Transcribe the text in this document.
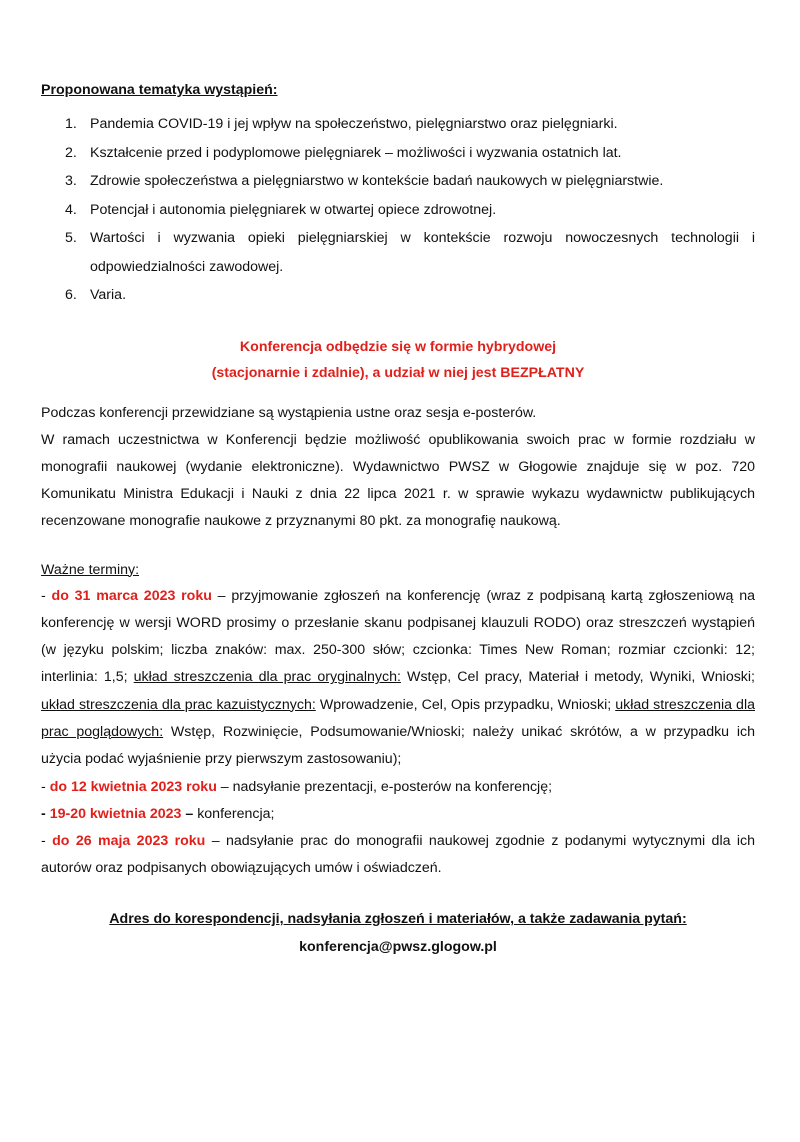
Proponowana tematyka wystąpień:
1. Pandemia COVID-19 i jej wpływ na społeczeństwo, pielęgniarstwo oraz pielęgniarki.
2. Kształcenie przed i podyplomowe pielęgniarek – możliwości i wyzwania ostatnich lat.
3. Zdrowie społeczeństwa a pielęgniarstwo w kontekście badań naukowych w pielęgniarstwie.
4. Potencjał i autonomia pielęgniarek w otwartej opiece zdrowotnej.
5. Wartości i wyzwania opieki pielęgniarskiej w kontekście rozwoju nowoczesnych technologii i odpowiedzialności zawodowej.
6. Varia.
Konferencja odbędzie się w formie hybrydowej
(stacjonarnie i zdalnie), a udział w niej jest BEZPŁATNY
Podczas konferencji przewidziane są wystąpienia ustne oraz sesja e-posterów.
W ramach uczestnictwa w Konferencji będzie możliwość opublikowania swoich prac w formie rozdziału w monografii naukowej (wydanie elektroniczne). Wydawnictwo PWSZ w Głogowie znajduje się w poz. 720 Komunikatu Ministra Edukacji i Nauki z dnia 22 lipca 2021 r. w sprawie wykazu wydawnictw publikujących recenzowane monografie naukowe z przyznanymi 80 pkt. za monografię naukową.
Ważne terminy:
- do 31 marca 2023 roku – przyjmowanie zgłoszeń na konferencję (wraz z podpisaną kartą zgłoszeniową na konferencję w wersji WORD prosimy o przesłanie skanu podpisanej klauzuli RODO) oraz streszczeń wystąpień (w języku polskim; liczba znaków: max. 250-300 słów; czcionka: Times New Roman; rozmiar czcionki: 12; interlinia: 1,5; układ streszczenia dla prac oryginalnych: Wstęp, Cel pracy, Materiał i metody, Wyniki, Wnioski; układ streszczenia dla prac kazuistycznych: Wprowadzenie, Cel, Opis przypadku, Wnioski; układ streszczenia dla prac poglądowych: Wstęp, Rozwinięcie, Podsumowanie/Wnioski; należy unikać skrótów, a w przypadku ich użycia podać wyjaśnienie przy pierwszym zastosowaniu);
- do 12 kwietnia 2023 roku – nadsyłanie prezentacji, e-posterów na konferencję;
- 19-20 kwietnia 2023 – konferencja;
- do 26 maja 2023 roku – nadsyłanie prac do monografii naukowej zgodnie z podanymi wytycznymi dla ich autorów oraz podpisanych obowiązujących umów i oświadczeń.
Adres do korespondencji, nadsyłania zgłoszeń i materiałów, a także zadawania pytań:
konferencja@pwsz.glogow.pl
